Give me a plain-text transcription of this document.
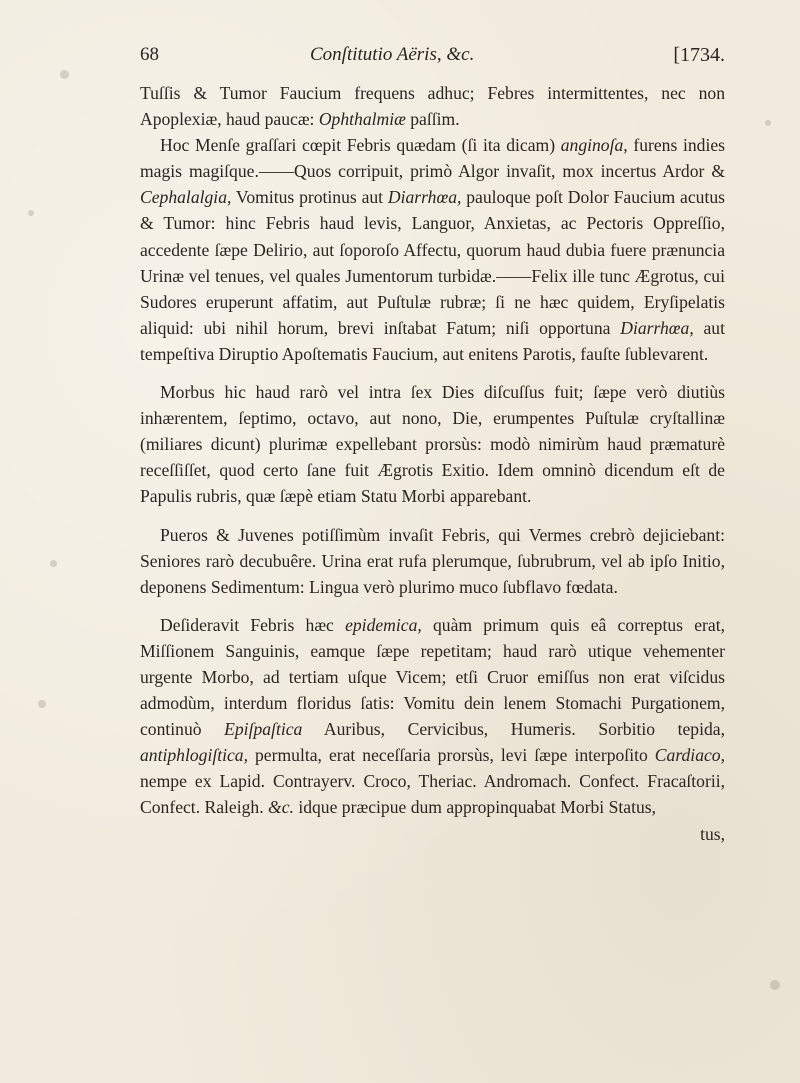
68	Conſtitutio Aëris, &c.	[1734.

Tuſſis & Tumor Faucium frequens adhuc; Febres intermittentes, nec non Apoplexiæ, haud paucæ: Ophthalmiæ paſſim.

Hoc Menſe graſſari cœpit Febris quædam (ſi ita dicam) anginoſa, furens indies magis magiſque.——Quos corripuit, primò Algor invaſit, mox incertus Ardor & Cephalalgia, Vomitus protinus aut Diarrhœa, pauloque poſt Dolor Faucium acutus & Tumor: hinc Febris haud levis, Languor, Anxietas, ac Pectoris Oppreſſio, accedente ſæpe Delirio, aut ſoporoſo Affectu, quorum haud dubia fuere prænuncia Urinæ vel tenues, vel quales Jumentorum turbidæ.——Felix ille tunc Ægrotus, cui Sudores eruperunt affatim, aut Puſtulæ rubræ; ſi ne hæc quidem, Eryſipelatis aliquid: ubi nihil horum, brevi inſtabat Fatum; niſi opportuna Diarrhœa, aut tempeſtiva Diruptio Apoſtematis Faucium, aut enitens Parotis, fauſte ſublevarent.

Morbus hic haud rarò vel intra ſex Dies diſcuſſus fuit; ſæpe verò diutiùs inhærentem, ſeptimo, octavo, aut nono, Die, erumpentes Puſtulæ cryſtallinæ (miliares dicunt) plurimæ expellebant prorsùs: modò nimirùm haud præmaturè receſſiſſet, quod certo ſane fuit Ægrotis Exitio. Idem omninò dicendum eſt de Papulis rubris, quæ ſæpè etiam Statu Morbi apparebant.

Pueros & Juvenes potiſſimùm invaſit Febris, qui Vermes crebrò dejiciebant: Seniores rarò decubuêre. Urina erat rufa plerumque, ſubrubrum, vel ab ipſo Initio, deponens Sedimentum: Lingua verò plurimo muco ſubflavo fœdata.

Deſideravit Febris hæc epidemica, quàm primum quis eâ correptus erat, Miſſionem Sanguinis, eamque ſæpe repetitam; haud rarò utique vehementer urgente Morbo, ad tertiam uſque Vicem; etſi Cruor emiſſus non erat viſcidus admodùm, interdum floridus ſatis: Vomitu dein lenem Stomachi Purgationem, continuò Epiſpaſtica Auribus, Cervicibus, Humeris. Sorbitio tepida, antiphlogiſtica, permulta, erat neceſſaria prorsùs, levi ſæpe interpoſito Cardiaco, nempe ex Lapid. Contrayerv. Croco, Theriac. Andromach. Confect. Fracaſtorii, Confect. Raleigh. &c. idque præcipue dum appropinquabat Morbi Status,

tus,
